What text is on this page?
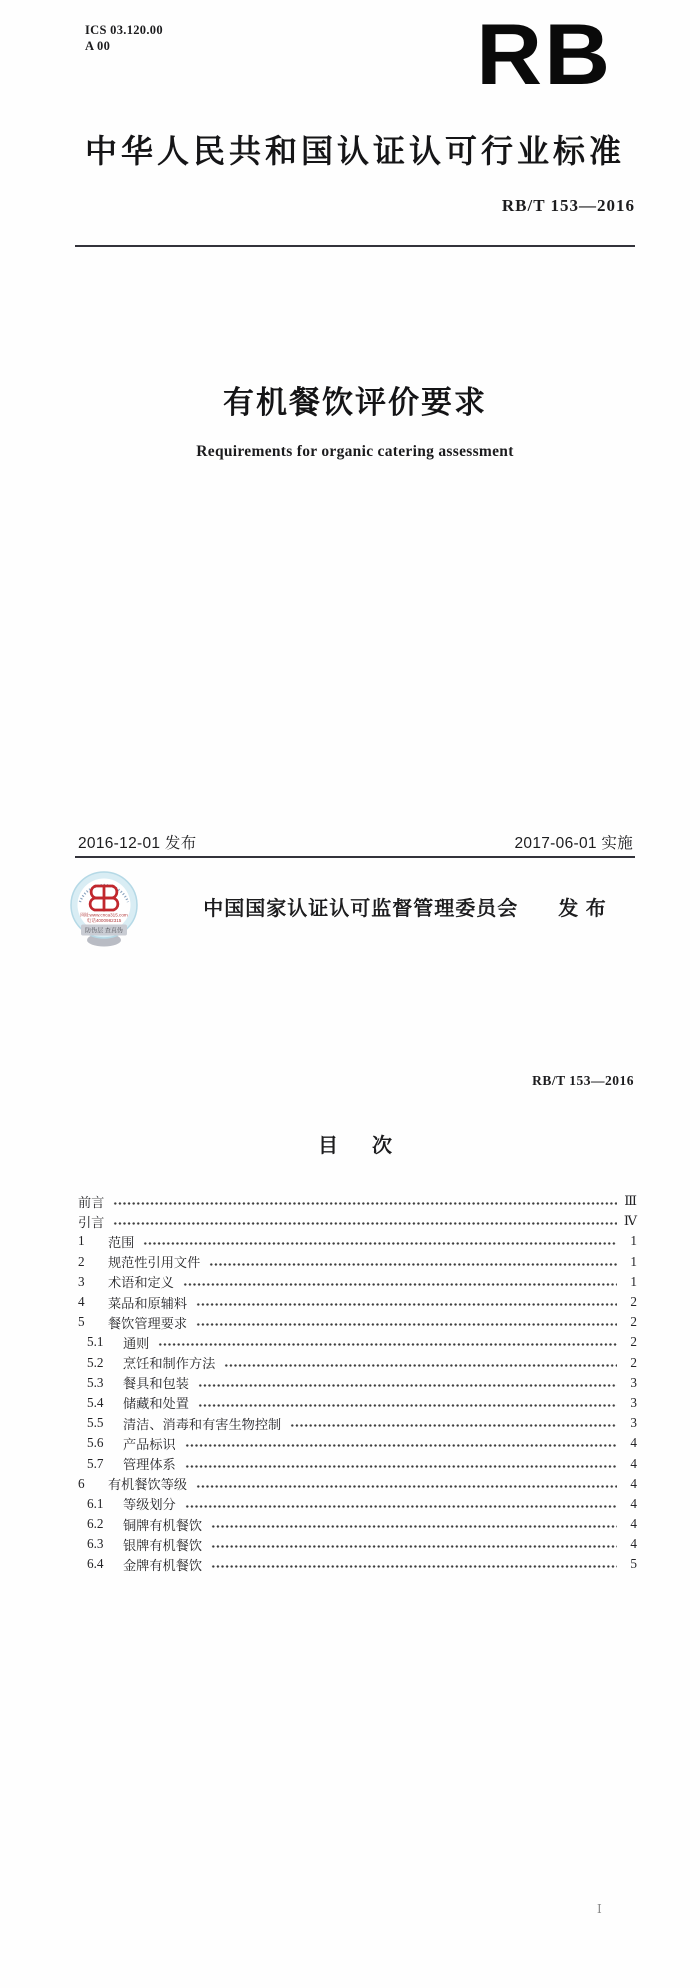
ICS 03.120.00
A 00	RB
中华人民共和国认证认可行业标准
RB/T 153—2016
有机餐饮评价要求
Requirements for organic catering assessment
2016-12-01 发布	2017-06-01 实施
网址www.cnca315.com
电话4000982315
防伪层 查真伪
中国国家认证认可监督管理委员会 发 布
RB/T 153—2016
目 次
前言	Ⅲ
引言	Ⅳ
1	范围	1
2	规范性引用文件	1
3	术语和定义	1
4	菜品和原辅料	2
5	餐饮管理要求	2
5.1	通则	2
5.2	烹饪和制作方法	2
5.3	餐具和包装	3
5.4	储藏和处置	3
5.5	清洁、消毒和有害生物控制	3
5.6	产品标识	4
5.7	管理体系	4
6	有机餐饮等级	4
6.1	等级划分	4
6.2	铜牌有机餐饮	4
6.3	银牌有机餐饮	4
6.4	金牌有机餐饮	5
Ⅰ
